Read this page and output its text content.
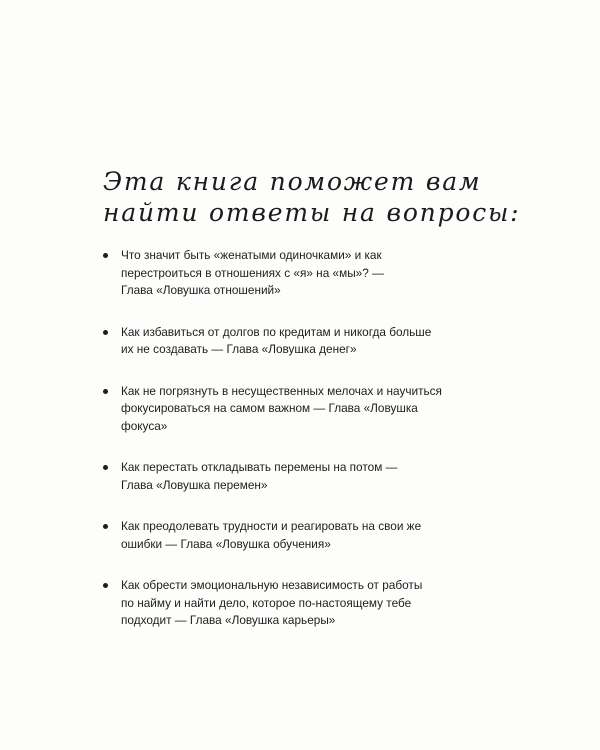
Эта книга поможет вам
найти ответы на вопросы:
Что значит быть «женатыми одиночками» и как
перестроиться в отношениях с «я» на «мы»? —
Глава «Ловушка отношений»
Как избавиться от долгов по кредитам и никогда больше
их не создавать — Глава «Ловушка денег»
Как не погрязнуть в несущественных мелочах и научиться
фокусироваться на самом важном — Глава «Ловушка
фокуса»
Как перестать откладывать перемены на потом —
Глава «Ловушка перемен»
Как преодолевать трудности и реагировать на свои же
ошибки — Глава «Ловушка обучения»
Как обрести эмоциональную независимость от работы
по найму и найти дело, которое по-настоящему тебе
подходит — Глава «Ловушка карьеры»
